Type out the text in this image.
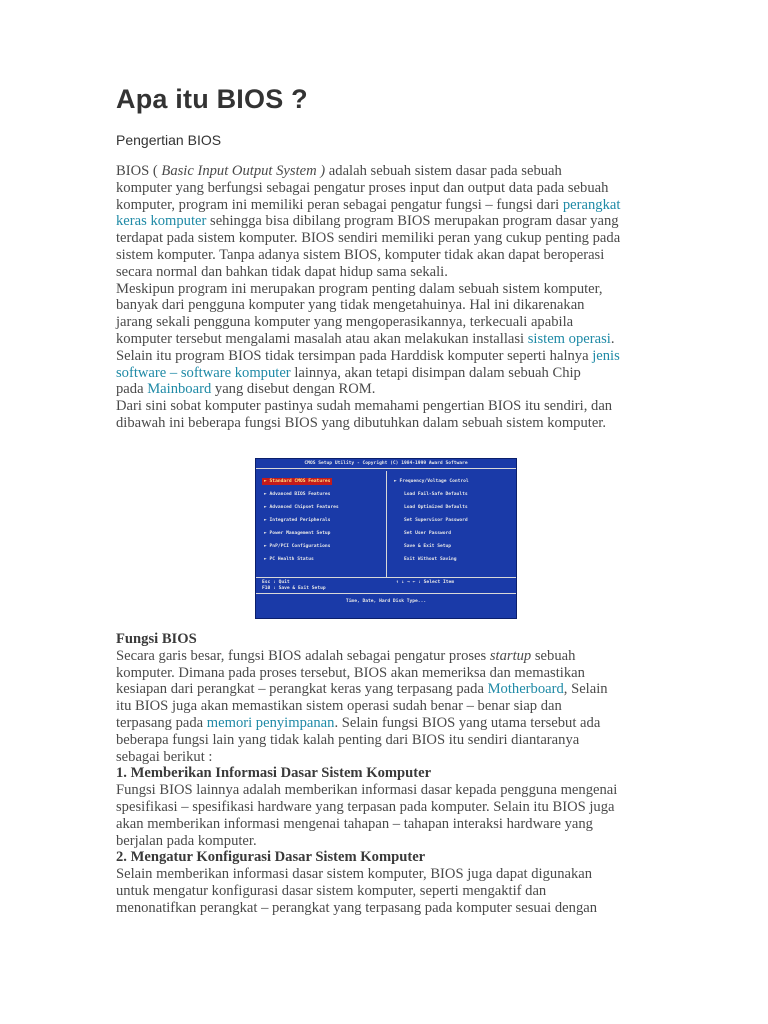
Apa itu BIOS ?
Pengertian BIOS
BIOS ( Basic Input Output System ) adalah sebuah sistem dasar pada sebuah
komputer yang berfungsi sebagai pengatur proses input dan output data pada sebuah
komputer, program ini memiliki peran sebagai pengatur fungsi – fungsi dari perangkat
keras komputer sehingga bisa dibilang program BIOS merupakan program dasar yang
terdapat pada sistem komputer. BIOS sendiri memiliki peran yang cukup penting pada
sistem komputer. Tanpa adanya sistem BIOS, komputer tidak akan dapat beroperasi
secara normal dan bahkan tidak dapat hidup sama sekali.
Meskipun program ini merupakan program penting dalam sebuah sistem komputer,
banyak dari pengguna komputer yang tidak mengetahuinya. Hal ini dikarenakan
jarang sekali pengguna komputer yang mengoperasikannya, terkecuali apabila
komputer tersebut mengalami masalah atau akan melakukan installasi sistem operasi.
Selain itu program BIOS tidak tersimpan pada Harddisk komputer seperti halnya jenis
software – software komputer lainnya, akan tetapi disimpan dalam sebuah Chip
pada Mainboard yang disebut dengan ROM.
Dari sini sobat komputer pastinya sudah memahami pengertian BIOS itu sendiri, dan
dibawah ini beberapa fungsi BIOS yang dibutuhkan dalam sebuah sistem komputer.
CMOS Setup Utility - Copyright (C) 1984-1999 Award Software
► Standard CMOS Features
► Advanced BIOS Features
► Advanced Chipset Features
► Integrated Peripherals
► Power Management Setup
► PnP/PCI Configurations
► PC Health Status
► Frequency/Voltage Control
Load Fail-Safe Defaults
Load Optimized Defaults
Set Supervisor Password
Set User Password
Save & Exit Setup
Exit Without Saving
Esc : Quit
F10 : Save & Exit Setup
↑ ↓ → ← : Select Item
Time, Date, Hard Disk Type...
Fungsi BIOS
Secara garis besar, fungsi BIOS adalah sebagai pengatur proses startup sebuah
komputer. Dimana pada proses tersebut, BIOS akan memeriksa dan memastikan
kesiapan dari perangkat – perangkat keras yang terpasang pada Motherboard, Selain
itu BIOS juga akan memastikan sistem operasi sudah benar – benar siap dan
terpasang pada memori penyimpanan. Selain fungsi BIOS yang utama tersebut ada
beberapa fungsi lain yang tidak kalah penting dari BIOS itu sendiri diantaranya
sebagai berikut :
1. Memberikan Informasi Dasar Sistem Komputer
Fungsi BIOS lainnya adalah memberikan informasi dasar kepada pengguna mengenai
spesifikasi – spesifikasi hardware yang terpasan pada komputer. Selain itu BIOS juga
akan memberikan informasi mengenai tahapan – tahapan interaksi hardware yang
berjalan pada komputer.
2. Mengatur Konfigurasi Dasar Sistem Komputer
Selain memberikan informasi dasar sistem komputer, BIOS juga dapat digunakan
untuk mengatur konfigurasi dasar sistem komputer, seperti mengaktif dan
menonatifkan perangkat – perangkat yang terpasang pada komputer sesuai dengan
